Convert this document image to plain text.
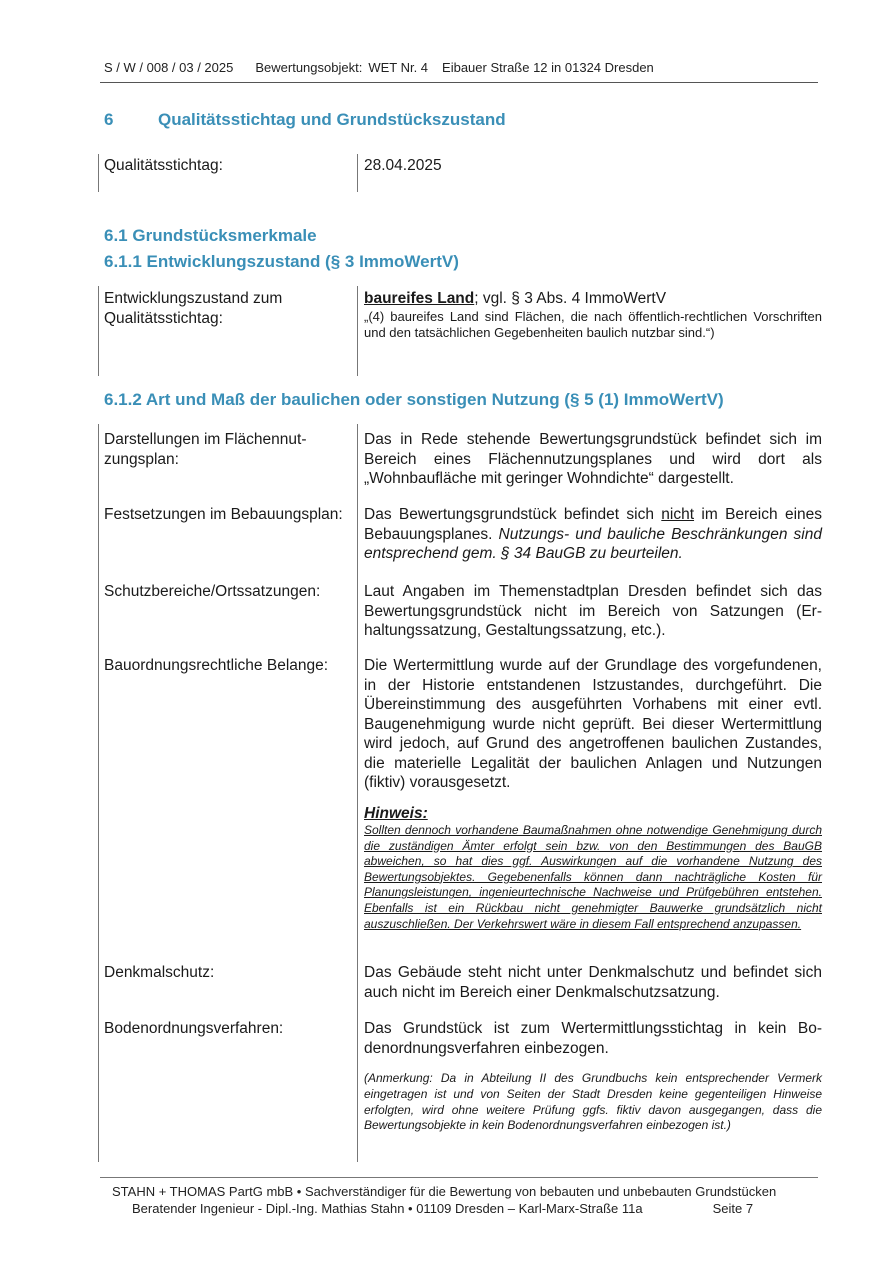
S / W / 008 / 03 / 2025 Bewertungsobjekt: WET Nr. 4 Eibauer Straße 12 in 01324 Dresden
6	Qualitätsstichtag und Grundstückszustand
Qualitätsstichtag:	28.04.2025
6.1 Grundstücksmerkmale
6.1.1 Entwicklungszustand (§ 3 ImmoWertV)
Entwicklungszustand zum Qualitätsstichtag:
baureifes Land; vgl. § 3 Abs. 4 ImmoWertV
„(4) baureifes Land sind Flächen, die nach öffentlich-rechtlichen Vorschriften und den tatsächlichen Gegebenheiten baulich nutzbar sind.“)
6.1.2 Art und Maß der baulichen oder sonstigen Nutzung (§ 5 (1) ImmoWertV)
Darstellungen im Flächennutzungsplan:
Das in Rede stehende Bewertungsgrundstück befindet sich im Bereich eines Flächennutzungsplanes und wird dort als „Wohnbaufläche mit geringer Wohndichte“ dargestellt.
Festsetzungen im Bebauungsplan: Das Bewertungsgrundstück befindet sich nicht im Bereich eines Bebauungsplanes. Nutzungs- und bauliche Beschränkungen sind entsprechend gem. § 34 BauGB zu beurteilen.
Schutzbereiche/Ortssatzungen:	Laut Angaben im Themenstadtplan Dresden befindet sich das Bewertungsgrundstück nicht im Bereich von Satzungen (Erhaltungssatzung, Gestaltungssatzung, etc.).
Bauordnungsrechtliche Belange:	Die Wertermittlung wurde auf der Grundlage des vorgefundenen, in der Historie entstandenen Istzustandes, durchgeführt. Die Übereinstimmung des ausgeführten Vorhabens mit einer evtl. Baugenehmigung wurde nicht geprüft. Bei dieser Wertermittlung wird jedoch, auf Grund des angetroffenen baulichen Zustandes, die materielle Legalität der baulichen Anlagen und Nutzungen (fiktiv) vorausgesetzt.
Hinweis:
Sollten dennoch vorhandene Baumaßnahmen ohne notwendige Genehmigung durch die zuständigen Ämter erfolgt sein bzw. von den Bestimmungen des BauGB abweichen, so hat dies ggf. Auswirkungen auf die vorhandene Nutzung des Bewertungsobjektes. Gegebenenfalls können dann nachträgliche Kosten für Planungsleistungen, ingenieurtechnische Nachweise und Prüfgebühren entstehen. Ebenfalls ist ein Rückbau nicht genehmigter Bauwerke grundsätzlich nicht auszuschließen. Der Verkehrswert wäre in diesem Fall entsprechend anzupassen.
Denkmalschutz:	Das Gebäude steht nicht unter Denkmalschutz und befindet sich auch nicht im Bereich einer Denkmalschutzsatzung.
Bodenordnungsverfahren:	Das Grundstück ist zum Wertermittlungsstichtag in kein Bodenordnungsverfahren einbezogen.
(Anmerkung: Da in Abteilung II des Grundbuchs kein entsprechender Vermerk eingetragen ist und von Seiten der Stadt Dresden keine gegenteiligen Hinweise erfolgten, wird ohne weitere Prüfung ggfs. fiktiv davon ausgegangen, dass die Bewertungsobjekte in kein Bodenordnungsverfahren einbezogen ist.)
STAHN + THOMAS PartG mbB • Sachverständiger für die Bewertung von bebauten und unbebauten Grundstücken
Beratender Ingenieur - Dipl.-Ing. Mathias Stahn • 01109 Dresden – Karl-Marx-Straße 11a	Seite 7
